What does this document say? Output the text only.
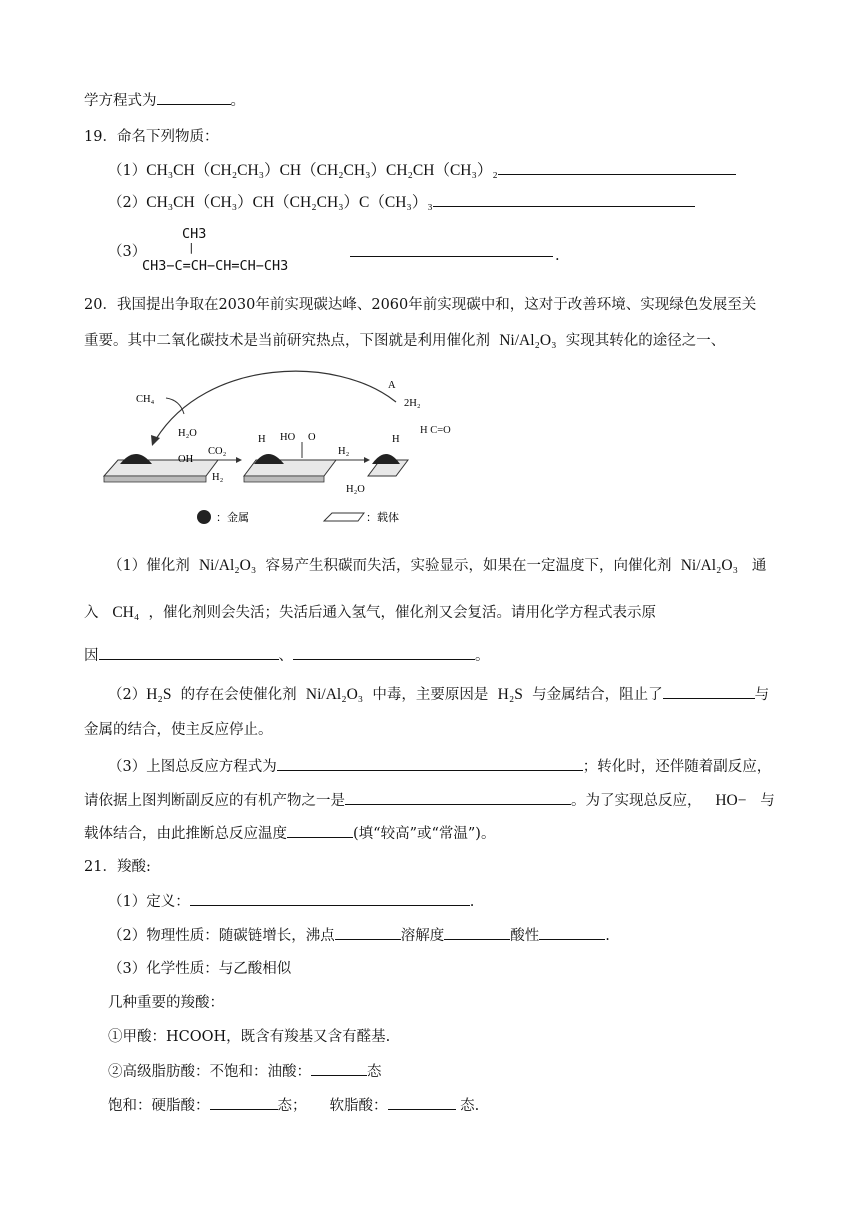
学方程式为	。
19．命名下列物质：
（1）CH₃CH（CH₂CH₃）CH（CH₂CH₃）CH₂CH（CH₃）₂
（2）CH₃CH（CH₃）CH（CH₂CH₃）C（CH₃）₃
（3）
CH3
|
CH3−C=CH−CH=CH−CH3
.
20．我国提出争取在2030年前实现碳达峰、2060年前实现碳中和，这对于改善环境、实现绿色发展至关
重要。其中二氧化碳技术是当前研究热点，下图就是利用催化剂 Ni/Al₂O₃ 实现其转化的途径之一、
A
2H₂
CH₄
H₂O
OH
CO₂
H₂
H HO O
H₂
H₂O
H
：金属	：载体
H C=O
（1）催化剂 Ni/Al₂O₃ 容易产生积碳而失活，实验显示，如果在一定温度下，向催化剂 Ni/Al₂O₃ 通
入 CH₄ ，催化剂则会失活；失活后通入氢气，催化剂又会复活。请用化学方程式表示原
因	、	。
（2）H₂S 的存在会使催化剂 Ni/Al₂O₃ 中毒，主要原因是 H₂S 与金属结合，阻止了	与
金属的结合，使主反应停止。
（3）上图总反应方程式为	；转化时，还伴随着副反应，
请依据上图判断副反应的有机产物之一是	。为了实现总反应， HO− 与
载体结合，由此推断总反应温度	(填“较高”或“常温”)。
21．羧酸:
（1）定义：	.
（2）物理性质：随碳链增长，沸点	溶解度	酸性	.
（3）化学性质：与乙酸相似
几种重要的羧酸：
①甲酸：HCOOH，既含有羧基又含有醛基.
②高级脂肪酸：不饱和：油酸：	态
饱和：硬脂酸：	态； 软脂酸：	态.
